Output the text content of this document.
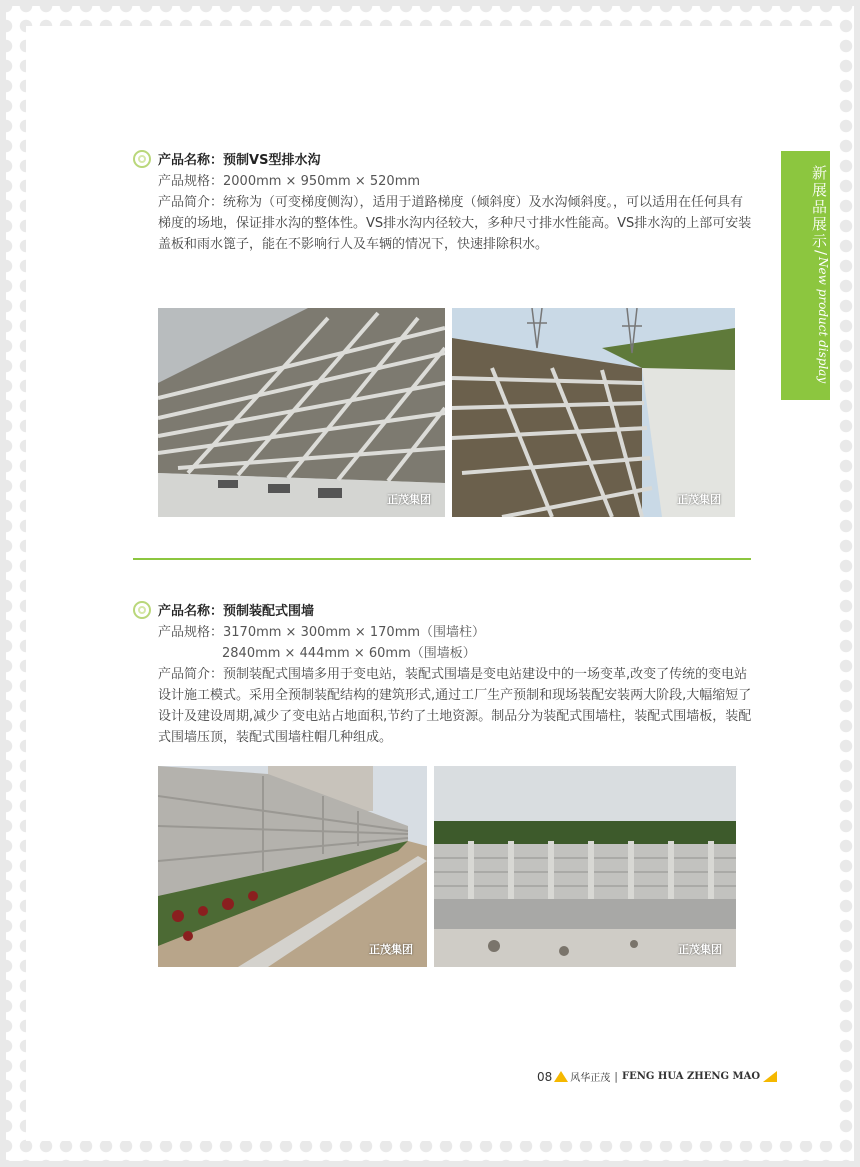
新展品展示
/
New product display
产品名称：预制VS型排水沟
产品规格：2000mm × 950mm × 520mm
产品简介：统称为（可变梯度侧沟），适用于道路梯度（倾斜度）及水沟倾斜度。，可以适用在任何具有梯度的场地，保证排水沟的整体性。VS排水沟内径较大，多种尺寸排水性能高。VS排水沟的上部可安装盖板和雨水篦子，能在不影响行人及车辆的情况下，快速排除积水。
正茂集团	正茂集团
产品名称：预制装配式围墙
产品规格：3170mm × 300mm × 170mm（围墙柱）
2840mm × 444mm × 60mm（围墙板）
产品简介：预制装配式围墙多用于变电站，装配式围墙是变电站建设中的一场变革,改变了传统的变电站设计施工模式。采用全预制装配结构的建筑形式,通过工厂生产预制和现场装配安装两大阶段,大幅缩短了设计及建设周期,减少了变电站占地面积,节约了土地资源。制品分为装配式围墙柱，装配式围墙板，装配式围墙压顶，装配式围墙柱帽几种组成。
正茂集团	正茂集团
08 风华正茂 | FENG HUA ZHENG MAO
